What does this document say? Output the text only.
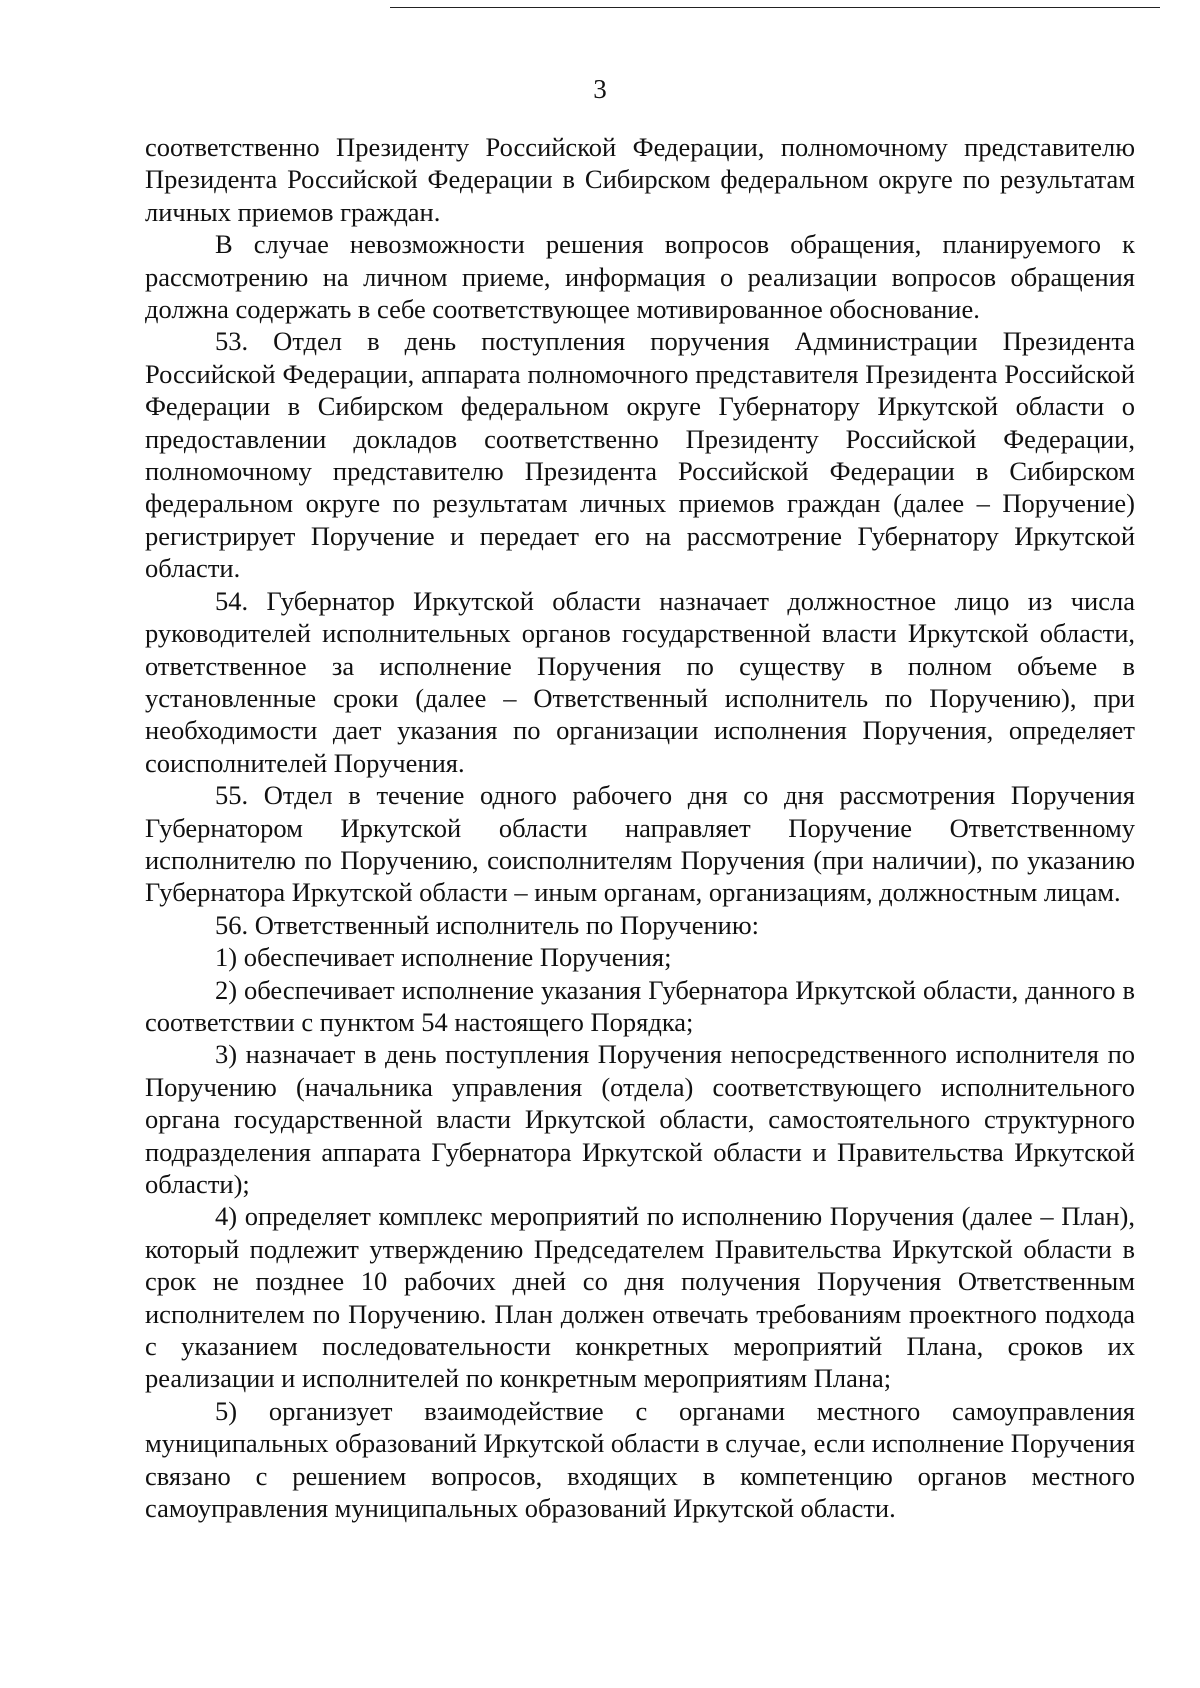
3

соответственно Президенту Российской Федерации, полномочному представителю Президента Российской Федерации в Сибирском федеральном округе по результатам личных приемов граждан.

В случае невозможности решения вопросов обращения, планируемого к рассмотрению на личном приеме, информация о реализации вопросов обращения должна содержать в себе соответствующее мотивированное обоснование.

53. Отдел в день поступления поручения Администрации Президента Российской Федерации, аппарата полномочного представителя Президента Российской Федерации в Сибирском федеральном округе Губернатору Иркутской области о предоставлении докладов соответственно Президенту Российской Федерации, полномочному представителю Президента Российской Федерации в Сибирском федеральном округе по результатам личных приемов граждан (далее – Поручение) регистрирует Поручение и передает его на рассмотрение Губернатору Иркутской области.

54. Губернатор Иркутской области назначает должностное лицо из числа руководителей исполнительных органов государственной власти Иркутской области, ответственное за исполнение Поручения по существу в полном объеме в установленные сроки (далее – Ответственный исполнитель по Поручению), при необходимости дает указания по организации исполнения Поручения, определяет соисполнителей Поручения.

55. Отдел в течение одного рабочего дня со дня рассмотрения Поручения Губернатором Иркутской области направляет Поручение Ответственному исполнителю по Поручению, соисполнителям Поручения (при наличии), по указанию Губернатора Иркутской области – иным органам, организациям, должностным лицам.

56. Ответственный исполнитель по Поручению:

1) обеспечивает исполнение Поручения;

2) обеспечивает исполнение указания Губернатора Иркутской области, данного в соответствии с пунктом 54 настоящего Порядка;

3) назначает в день поступления Поручения непосредственного исполнителя по Поручению (начальника управления (отдела) соответствующего исполнительного органа государственной власти Иркутской области, самостоятельного структурного подразделения аппарата Губернатора Иркутской области и Правительства Иркутской области);

4) определяет комплекс мероприятий по исполнению Поручения (далее – План), который подлежит утверждению Председателем Правительства Иркутской области в срок не позднее 10 рабочих дней со дня получения Поручения Ответственным исполнителем по Поручению. План должен отвечать требованиям проектного подхода с указанием последовательности конкретных мероприятий Плана, сроков их реализации и исполнителей по конкретным мероприятиям Плана;

5) организует взаимодействие с органами местного самоуправления муниципальных образований Иркутской области в случае, если исполнение Поручения связано с решением вопросов, входящих в компетенцию органов местного самоуправления муниципальных образований Иркутской области.
